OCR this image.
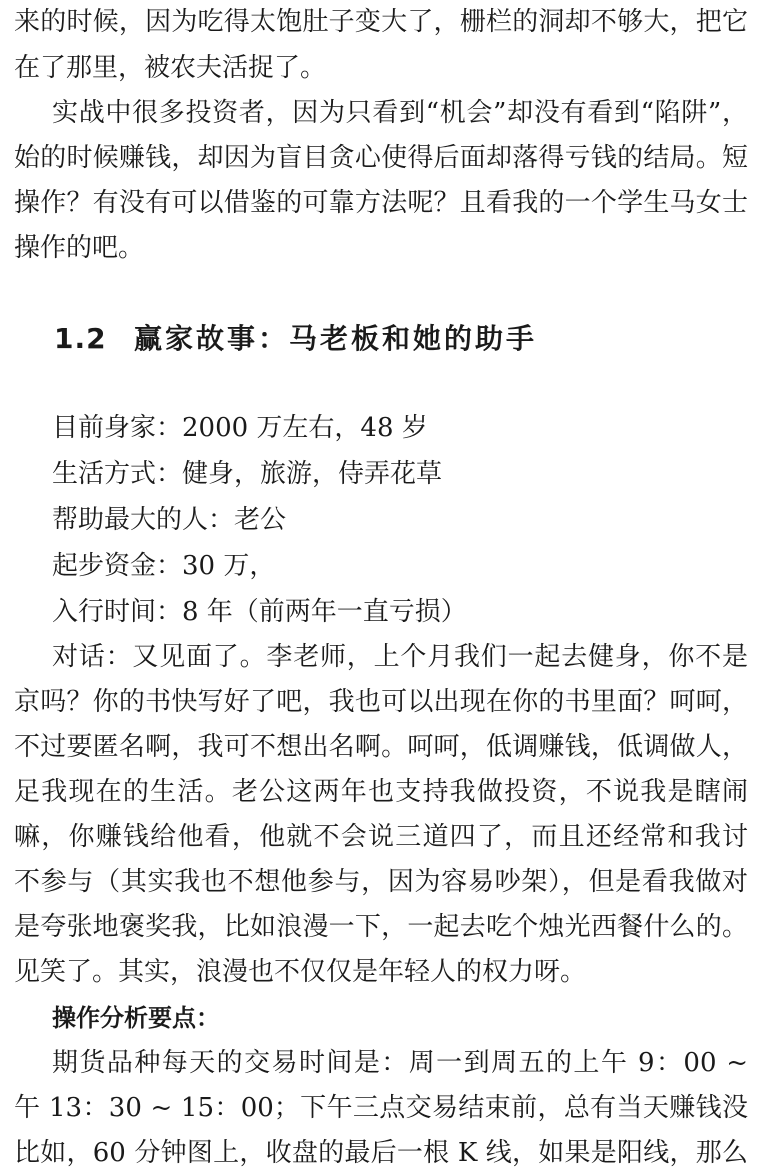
来的时候，因为吃得太饱肚子变大了，栅栏的洞却不够大，把它
在了那里，被农夫活捉了。
实战中很多投资者，因为只看到“机会”却没有看到“陷阱”，
始的时候赚钱，却因为盲目贪心使得后面却落得亏钱的结局。短
操作？有没有可以借鉴的可靠方法呢？且看我的一个学生马女士
操作的吧。
1.2 赢家故事：马老板和她的助手
目前身家：2000 万左右，48 岁
生活方式：健身，旅游，侍弄花草
帮助最大的人：老公
起步资金：30 万，
入行时间：8 年（前两年一直亏损）
对话：又见面了。李老师，上个月我们一起去健身，你不是
京吗？你的书快写好了吧，我也可以出现在你的书里面？呵呵，
不过要匿名啊，我可不想出名啊。呵呵，低调赚钱，低调做人，
足我现在的生活。老公这两年也支持我做投资，不说我是瞎闹
嘛，你赚钱给他看，他就不会说三道四了，而且还经常和我讨
不参与（其实我也不想他参与，因为容易吵架），但是看我做对
是夸张地褒奖我，比如浪漫一下，一起去吃个烛光西餐什么的。
见笑了。其实，浪漫也不仅仅是年轻人的权力呀。
操作分析要点：
期货品种每天的交易时间是：周一到周五的上午 9：00 ~
午 13：30 ~ 15：00；下午三点交易结束前，总有当天赚钱没
比如，60 分钟图上，收盘的最后一根 K 线，如果是阳线，那么
